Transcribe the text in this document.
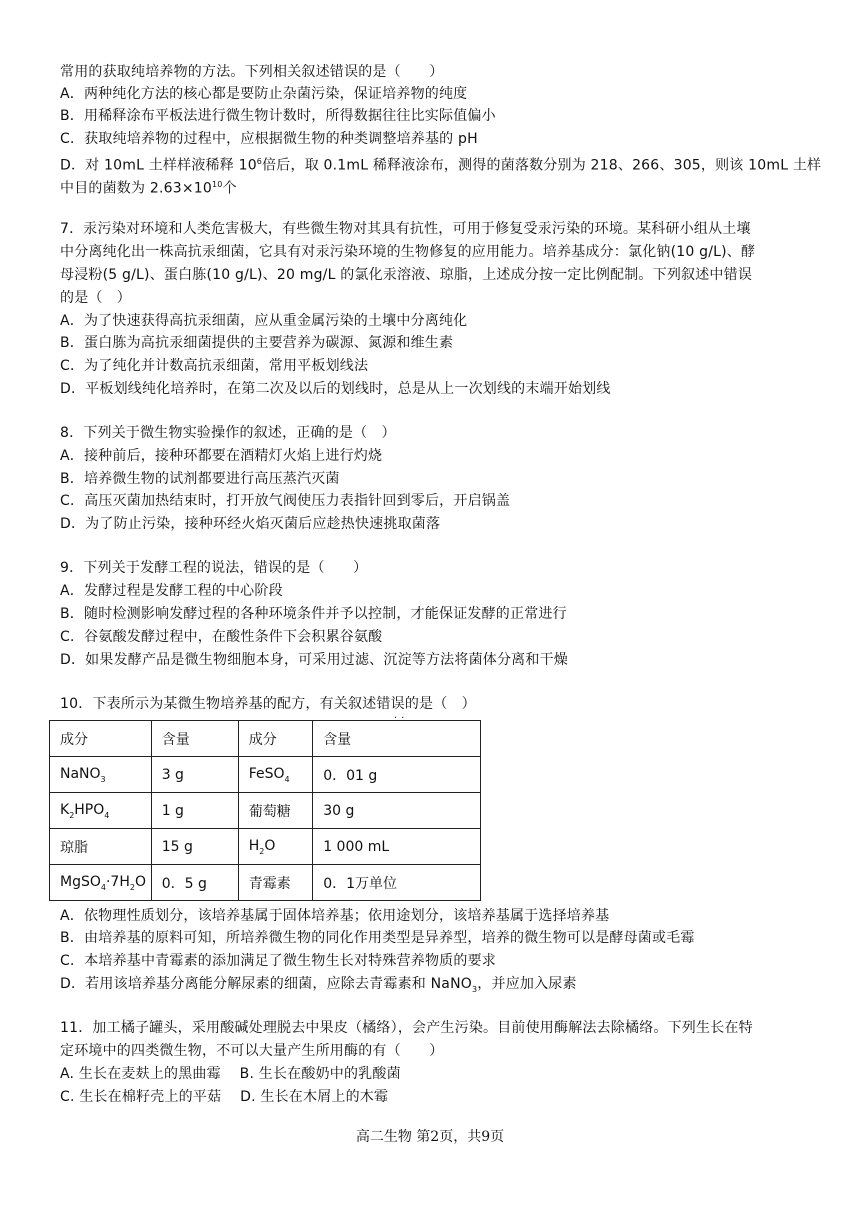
常用的获取纯培养物的方法。下列相关叙述错误的是（　　）
A．两种纯化方法的核心都是要防止杂菌污染，保证培养物的纯度
B．用稀释涂布平板法进行微生物计数时，所得数据往往比实际值偏小
C．获取纯培养物的过程中，应根据微生物的种类调整培养基的 pH
D．对 10mL 土样样液稀释 $10^6$倍后，取 0.1mL 稀释液涂布，测得的菌落数分别为 218、266、305，则该 10mL 土样
中目的菌数为 $2.63\times 10^{10}$个
7．汞污染对环境和人类危害极大，有些微生物对其具有抗性，可用于修复受汞污染的环境。某科研小组从土壤
中分离纯化出一株高抗汞细菌，它具有对汞污染环境的生物修复的应用能力。培养基成分：氯化钠(10 g/L)、酵
母浸粉(5 g/L)、蛋白胨(10 g/L)、20 mg/L 的氯化汞溶液、琼脂，上述成分按一定比例配制。下列叙述中错误
的是（　）
A．为了快速获得高抗汞细菌，应从重金属污染的土壤中分离纯化
B．蛋白胨为高抗汞细菌提供的主要营养为碳源、氮源和维生素
C．为了纯化并计数高抗汞细菌，常用平板划线法
D．平板划线纯化培养时，在第二次及以后的划线时，总是从上一次划线的末端开始划线
8．下列关于微生物实验操作的叙述，正确的是（　）
A．接种前后，接种环都要在酒精灯火焰上进行灼烧
B．培养微生物的试剂都要进行高压蒸汽灭菌
C．高压灭菌加热结束时，打开放气阀使压力表指针回到零后，开启锅盖
D．为了防止污染，接种环经火焰灭菌后应趁热快速挑取菌落
9．下列关于发酵工程的说法，错误的是（　　）
A．发酵过程是发酵工程的中心阶段
B．随时检测影响发酵过程的各种环境条件并予以控制，才能保证发酵的正常进行
C．谷氨酸发酵过程中，在酸性条件下会积累谷氨酸
D．如果发酵产品是微生物细胞本身，可采用过滤、沉淀等方法将菌体分离和干燥
10．下表所示为某微生物培养基的配方，有关叙述错误的是（　）
··
成分	含量	成分	含量
NaNO$_3$	3 g	FeSO$_4$	0．01 g
$K_2HPO_4$	1 g	葡萄糖	30 g
琼脂	15 g	$H_2O$	1 000 mL
$MgSO_4\cdot 7H_2O$	0．5 g	青霉素	0．1万单位
A．依物理性质划分，该培养基属于固体培养基；依用途划分，该培养基属于选择培养基
B．由培养基的原料可知，所培养微生物的同化作用类型是异养型，培养的微生物可以是酵母菌或毛霉
C．本培养基中青霉素的添加满足了微生物生长对特殊营养物质的要求
D．若用该培养基分离能分解尿素的细菌，应除去青霉素和 NaNO$_3$，并应加入尿素
11．加工橘子罐头，采用酸碱处理脱去中果皮（橘络），会产生污染。目前使用酶解法去除橘络。下列生长在特
定环境中的四类微生物，不可以大量产生所用酶的有（　　）
A. 生长在麦麸上的黑曲霉　 B. 生长在酸奶中的乳酸菌
C. 生长在棉籽壳上的平菇　 D. 生长在木屑上的木霉
高二生物 第2页，共9页
